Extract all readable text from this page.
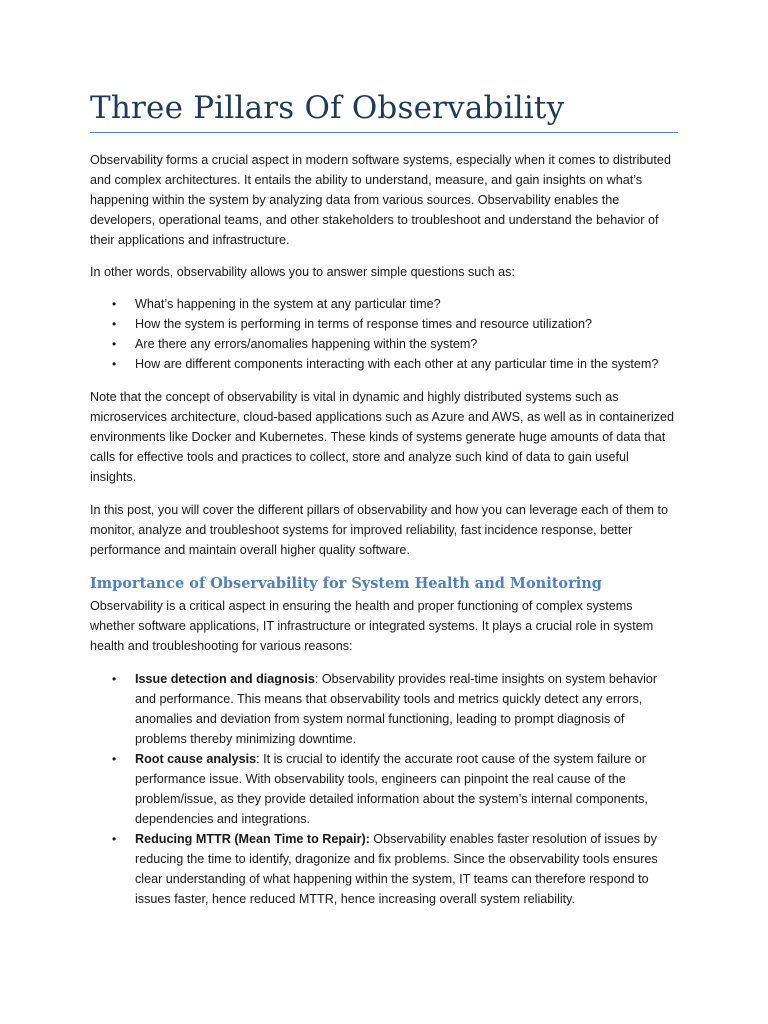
Three Pillars Of Observability

Observability forms a crucial aspect in modern software systems, especially when it comes to distributed and complex architectures. It entails the ability to understand, measure, and gain insights on what’s happening within the system by analyzing data from various sources. Observability enables the developers, operational teams, and other stakeholders to troubleshoot and understand the behavior of their applications and infrastructure.

In other words, observability allows you to answer simple questions such as:

• What’s happening in the system at any particular time?
• How the system is performing in terms of response times and resource utilization?
• Are there any errors/anomalies happening within the system?
• How are different components interacting with each other at any particular time in the system?

Note that the concept of observability is vital in dynamic and highly distributed systems such as microservices architecture, cloud-based applications such as Azure and AWS, as well as in containerized environments like Docker and Kubernetes. These kinds of systems generate huge amounts of data that calls for effective tools and practices to collect, store and analyze such kind of data to gain useful insights.

In this post, you will cover the different pillars of observability and how you can leverage each of them to monitor, analyze and troubleshoot systems for improved reliability, fast incidence response, better performance and maintain overall higher quality software.

Importance of Observability for System Health and Monitoring

Observability is a critical aspect in ensuring the health and proper functioning of complex systems whether software applications, IT infrastructure or integrated systems. It plays a crucial role in system health and troubleshooting for various reasons:

• Issue detection and diagnosis: Observability provides real-time insights on system behavior and performance. This means that observability tools and metrics quickly detect any errors, anomalies and deviation from system normal functioning, leading to prompt diagnosis of problems thereby minimizing downtime.
• Root cause analysis: It is crucial to identify the accurate root cause of the system failure or performance issue. With observability tools, engineers can pinpoint the real cause of the problem/issue, as they provide detailed information about the system’s internal components, dependencies and integrations.
• Reducing MTTR (Mean Time to Repair): Observability enables faster resolution of issues by reducing the time to identify, dragonize and fix problems. Since the observability tools ensures clear understanding of what happening within the system, IT teams can therefore respond to issues faster, hence reduced MTTR, hence increasing overall system reliability.
